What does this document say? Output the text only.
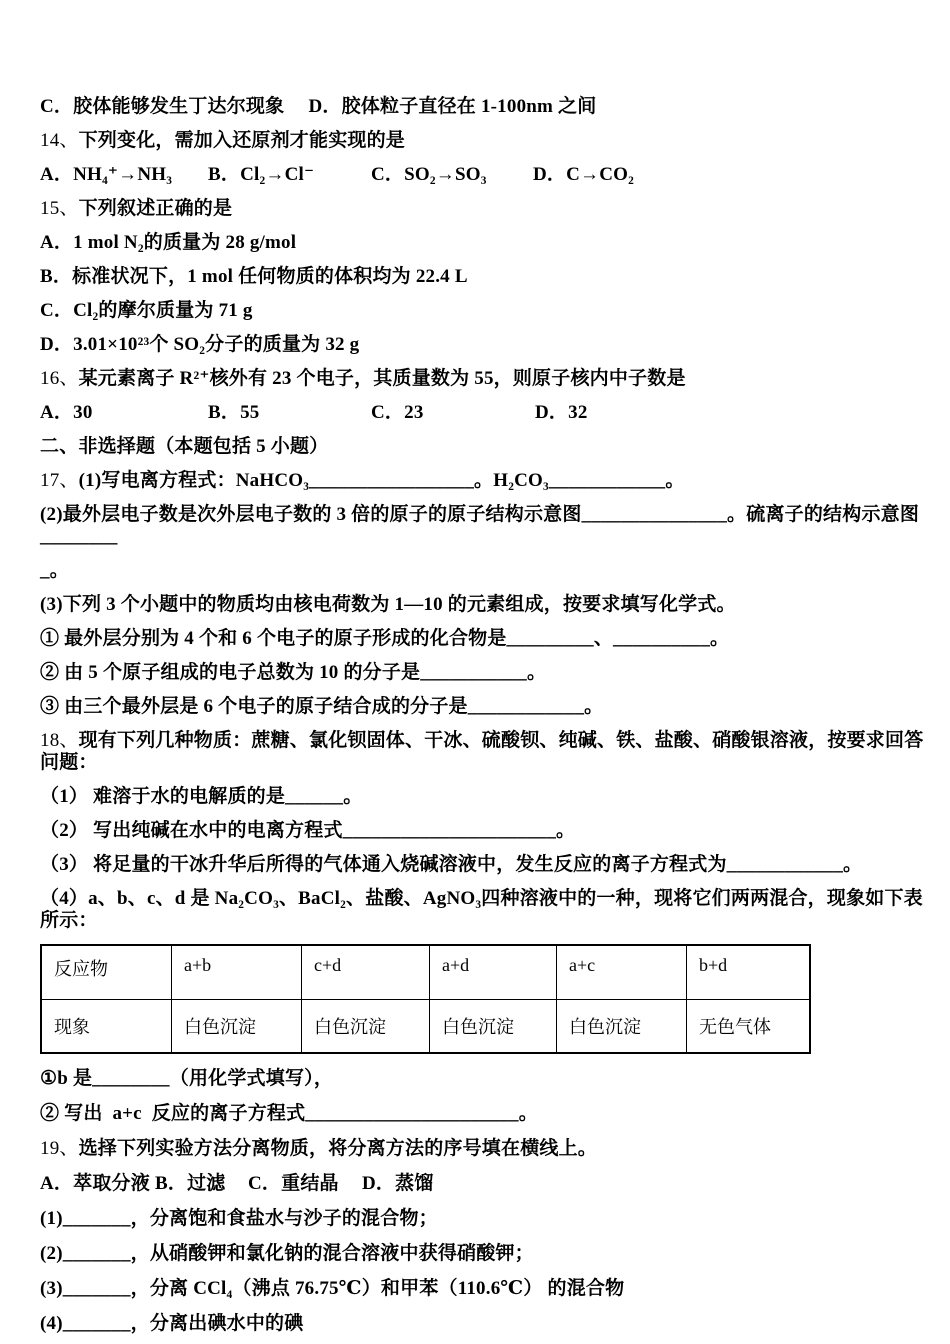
C．胶体能够发生丁达尔现象　 D．胶体粒子直径在 1-100nm 之间
14、下列变化，需加入还原剂才能实现的是
A．NH₄⁺→NH₃ B．Cl₂→Cl⁻	C．SO₂→SO₃ D．C→CO₂
15、下列叙述正确的是
A．1 mol N₂的质量为 28 g/mol
B．标准状况下，1 mol 任何物质的体积均为 22.4 L
C．Cl₂的摩尔质量为 71 g
D．3.01×10²³个 SO₂分子的质量为 32 g
16、某元素离子 R²⁺核外有 23 个电子，其质量数为 55，则原子核内中子数是
A．30	B．55	C．23	D．32
二、非选择题（本题包括 5 小题）
17、(1)写电离方程式：NaHCO₃_________________。H₂CO₃____________。
(2)最外层电子数是次外层电子数的 3 倍的原子的原子结构示意图_______________。硫离子的结构示意图________
_。
(3)下列 3 个小题中的物质均由核电荷数为 1—10 的元素组成，按要求填写化学式。
① 最外层分别为 4 个和 6 个电子的原子形成的化合物是_________、__________。
② 由 5 个原子组成的电子总数为 10 的分子是___________。
③ 由三个最外层是 6 个电子的原子结合成的分子是____________。
18、现有下列几种物质：蔗糖、氯化钡固体、干冰、硫酸钡、纯碱、铁、盐酸、硝酸银溶液，按要求回答问题：
（1） 难溶于水的电解质的是______。
（2） 写出纯碱在水中的电离方程式______________________。
（3） 将足量的干冰升华后所得的气体通入烧碱溶液中，发生反应的离子方程式为____________。
（4）a、b、c、d 是 Na₂CO₃、BaCl₂、盐酸、AgNO₃四种溶液中的一种，现将它们两两混合，现象如下表所示：
反应物	a+b	c+d	a+d	a+c	b+d
现象	白色沉淀	白色沉淀	白色沉淀	白色沉淀	无色气体
①b 是________（用化学式填写），
② 写出  a+c  反应的离子方程式______________________。
19、选择下列实验方法分离物质，将分离方法的序号填在横线上。
A．萃取分液 B．过滤 C．重结晶 D．蒸馏
(1)_______，分离饱和食盐水与沙子的混合物；
(2)_______，从硝酸钾和氯化钠的混合溶液中获得硝酸钾；
(3)_______，分离 CCl₄（沸点 76.75℃）和甲苯（110.6℃） 的混合物
(4)_______，分离出碘水中的碘
